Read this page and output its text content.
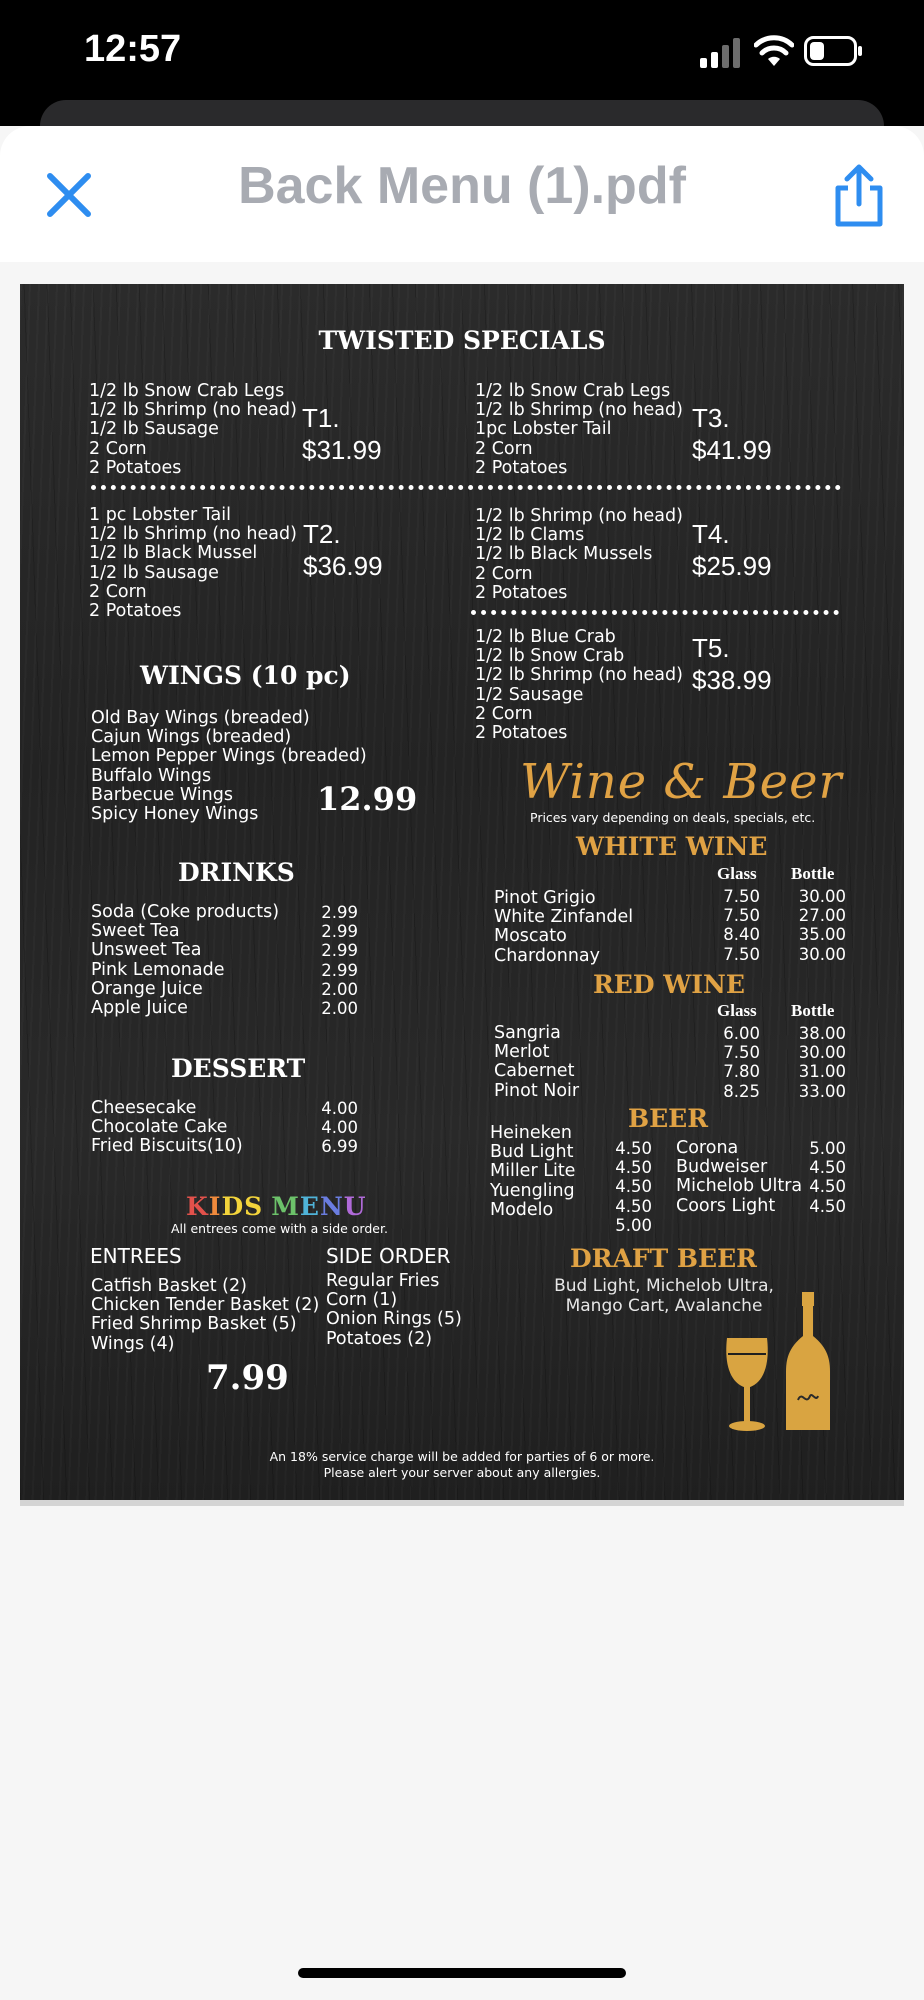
12:57
Back Menu (1).pdf
TWISTED SPECIALS
1/2 lb Snow Crab Legs
1/2 lb Shrimp (no head)
1/2 lb Sausage
2 Corn
2 Potatoes
T1.
$31.99
1/2 lb Snow Crab Legs
1/2 lb Shrimp (no head)
1pc Lobster Tail
2 Corn
2 Potatoes
T3.
$41.99
1 pc Lobster Tail
1/2 lb Shrimp (no head)
1/2 lb Black Mussel
1/2 lb Sausage
2 Corn
2 Potatoes
T2.
$36.99
1/2 lb Shrimp (no head)
1/2 lb Clams
1/2 lb Black Mussels
2 Corn
2 Potatoes
T4.
$25.99
1/2 lb Blue Crab
1/2 lb Snow Crab
1/2 lb Shrimp (no head)
1/2 Sausage
2 Corn
2 Potatoes
T5.
$38.99
WINGS (10 pc)
Old Bay Wings (breaded)
Cajun Wings (breaded)
Lemon Pepper Wings (breaded)
Buffalo Wings
Barbecue Wings
Spicy Honey Wings	12.99
DRINKS
Soda (Coke products)
Sweet Tea
Unsweet Tea
Pink Lemonade
Orange Juice
Apple Juice
2.99
2.99
2.99
2.99
2.00
2.00
DESSERT
Cheesecake
Chocolate Cake
Fried Biscuits(10)
4.00
4.00
6.99
KIDS MENU
All entrees come with a side order.
ENTREES
Catfish Basket (2)
Chicken Tender Basket (2)
Fried Shrimp Basket (5)
Wings (4)
SIDE ORDER
Regular Fries
Corn (1)
Onion Rings (5)
Potatoes (2)
7.99
Wine & Beer
Prices vary depending on deals, specials, etc.
WHITE WINE
Glass Bottle
Pinot Grigio
White Zinfandel
Moscato
Chardonnay
7.50
7.50
8.40
7.50
30.00
27.00
35.00
30.00
RED WINE
Glass Bottle
Sangria
Merlot
Cabernet
Pinot Noir
6.00
7.50
7.80
8.25
38.00
30.00
31.00
33.00
BEER
Heineken
Bud Light
Miller Lite
Yuengling
Modelo
4.50
4.50
4.50
4.50
5.00
Corona
Budweiser
Michelob Ultra
Coors Light
5.00
4.50
4.50
4.50
DRAFT BEER
Bud Light, Michelob Ultra,
Mango Cart, Avalanche
An 18% service charge will be added for parties of 6 or more.
Please alert your server about any allergies.
